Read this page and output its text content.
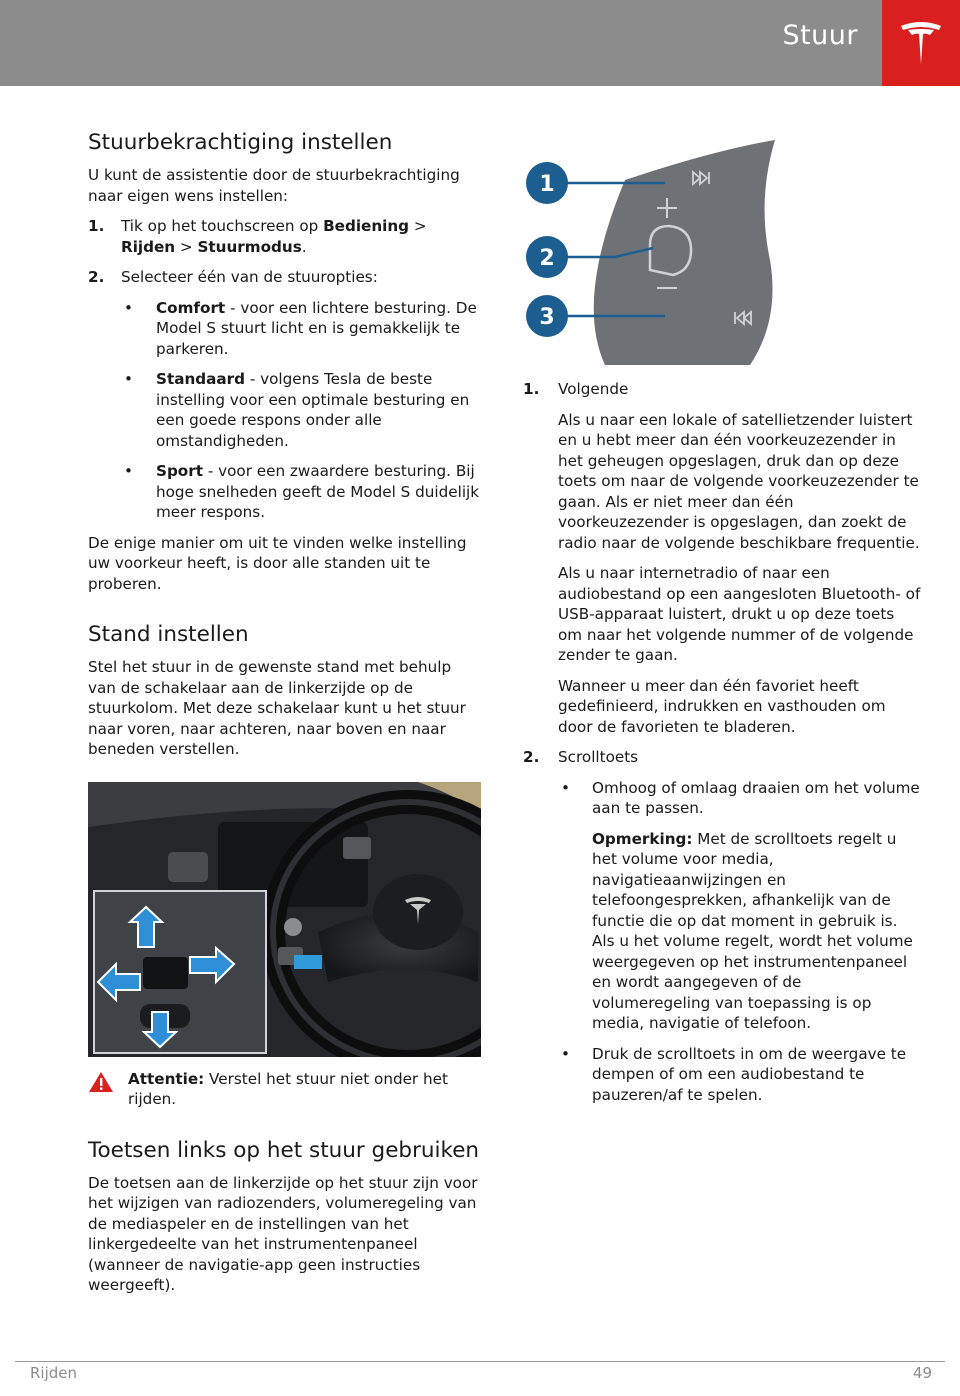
Stuur
Stuurbekrachtiging instellen

U kunt de assistentie door de stuurbekrachtiging naar eigen wens instellen:

1. Tik op het touchscreen op Bediening > Rijden > Stuurmodus.
2. Selecteer één van de stuuropties:
• Comfort - voor een lichtere besturing. De Model S stuurt licht en is gemakkelijk te parkeren.
• Standaard - volgens Tesla de beste instelling voor een optimale besturing en een goede respons onder alle omstandigheden.
• Sport - voor een zwaardere besturing. Bij hoge snelheden geeft de Model S duidelijk meer respons.

De enige manier om uit te vinden welke instelling uw voorkeur heeft, is door alle standen uit te proberen.

Stand instellen

Stel het stuur in de gewenste stand met behulp van de schakelaar aan de linkerzijde op de stuurkolom. Met deze schakelaar kunt u het stuur naar voren, naar achteren, naar boven en naar beneden verstellen.

Attentie: Verstel het stuur niet onder het rijden.
Toetsen links op het stuur gebruiken

De toetsen aan de linkerzijde op het stuur zijn voor het wijzigen van radiozenders, volumeregeling van de mediaspeler en de instellingen van het linkergedeelte van het instrumentenpaneel (wanneer de navigatie-app geen instructies weergeeft).

1
2
3
1. Volgende

Als u naar een lokale of satellietzender luistert en u hebt meer dan één voorkeuzezender in het geheugen opgeslagen, druk dan op deze toets om naar de volgende voorkeuzezender te gaan. Als er niet meer dan één voorkeuzezender is opgeslagen, dan zoekt de radio naar de volgende beschikbare frequentie.

Als u naar internetradio of naar een audiobestand op een aangesloten Bluetooth- of USB-apparaat luistert, drukt u op deze toets om naar het volgende nummer of de volgende zender te gaan.

Wanneer u meer dan één favoriet heeft gedefinieerd, indrukken en vasthouden om door de favorieten te bladeren.

2. Scrolltoets
• Omhoog of omlaag draaien om het volume aan te passen.

Opmerking: Met de scrolltoets regelt u het volume voor media, navigatieaanwijzingen en telefoongesprekken, afhankelijk van de functie die op dat moment in gebruik is. Als u het volume regelt, wordt het volume weergegeven op het instrumentenpaneel en wordt aangegeven of de volumeregeling van toepassing is op media, navigatie of telefoon.

• Druk de scrolltoets in om de weergave te dempen of om een audiobestand te pauzeren/af te spelen.
Rijden	49
